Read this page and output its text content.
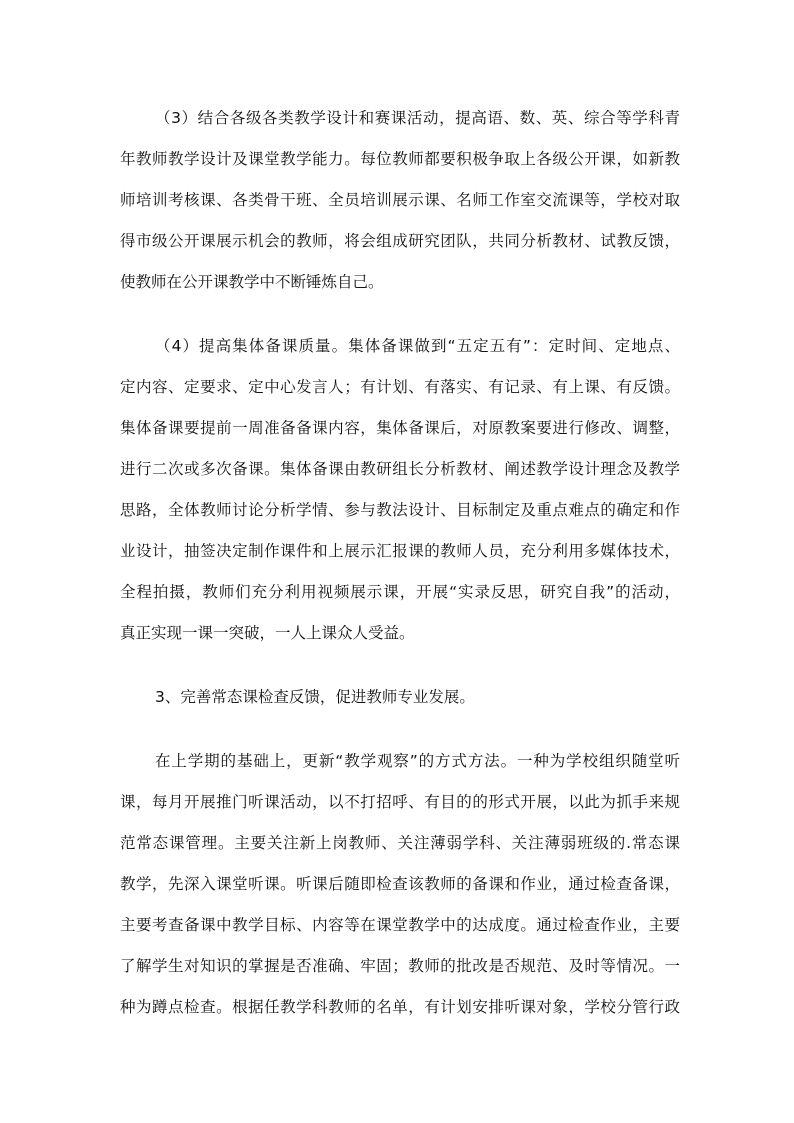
（3）结合各级各类教学设计和赛课活动，提高语、数、英、综合等学科青
年教师教学设计及课堂教学能力。每位教师都要积极争取上各级公开课，如新教
师培训考核课、各类骨干班、全员培训展示课、名师工作室交流课等，学校对取
得市级公开课展示机会的教师，将会组成研究团队，共同分析教材、试教反馈，
使教师在公开课教学中不断锤炼自己。
（4）提高集体备课质量。集体备课做到“五定五有”：定时间、定地点、
定内容、定要求、定中心发言人；有计划、有落实、有记录、有上课、有反馈。
集体备课要提前一周准备备课内容，集体备课后，对原教案要进行修改、调整，
进行二次或多次备课。集体备课由教研组长分析教材、阐述教学设计理念及教学
思路，全体教师讨论分析学情、参与教法设计、目标制定及重点难点的确定和作
业设计，抽签决定制作课件和上展示汇报课的教师人员，充分利用多媒体技术，
全程拍摄，教师们充分利用视频展示课，开展“实录反思，研究自我”的活动，
真正实现一课一突破，一人上课众人受益。
3、完善常态课检查反馈，促进教师专业发展。
在上学期的基础上，更新“教学观察”的方式方法。一种为学校组织随堂听
课，每月开展推门听课活动，以不打招呼、有目的的形式开展，以此为抓手来规
范常态课管理。主要关注新上岗教师、关注薄弱学科、关注薄弱班级的.常态课
教学，先深入课堂听课。听课后随即检查该教师的备课和作业，通过检查备课，
主要考查备课中教学目标、内容等在课堂教学中的达成度。通过检查作业，主要
了解学生对知识的掌握是否准确、牢固；教师的批改是否规范、及时等情况。一
种为蹲点检查。根据任教学科教师的名单，有计划安排听课对象，学校分管行政
